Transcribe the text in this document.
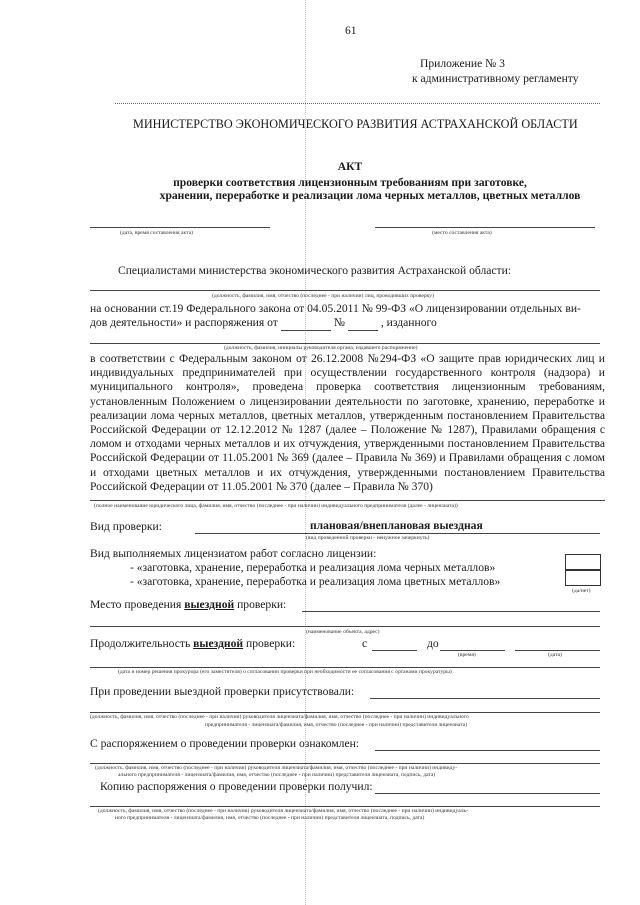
61
Приложение № 3
к административному регламенту
МИНИСТЕРСТВО ЭКОНОМИЧЕСКОГО РАЗВИТИЯ АСТРАХАНСКОЙ ОБЛАСТИ
АКТ
проверки соответствия лицензионным требованиям при заготовке,
хранении, переработке и реализации лома черных металлов, цветных металлов
(дата, время составления акта)	(место составления акта)
Специалистами министерства экономического развития Астраханской области:
(должность, фамилия, имя, отчество (последнее - при наличии) лиц, проводивших проверку)
на основании ст.19 Федерального закона от 04.05.2011 № 99-ФЗ «О лицензировании отдельных ви-
дов деятельности» и распоряжения от	№	, изданного
(должность, фамилия, инициалы руководителя органа, издавшего распоряжение)
в соответствии с Федеральным законом от 26.12.2008 №294-ФЗ «О защите прав юридических лиц и индивидуальных предпринимателей при осуществлении государственного контроля (надзора) и муниципального контроля», проведена проверка соответствия лицензионным требованиям, установленным Положением о лицензировании деятельности по заготовке, хранению, переработке и реализации лома черных металлов, цветных металлов, утвержденным постановлением Правительства Российской Федерации от 12.12.2012 № 1287 (далее – Положение № 1287), Правилами обращения с ломом и отходами черных металлов и их отчуждения, утвержденными постановлением Правительства Российской Федерации от 11.05.2001 № 369 (далее – Правила № 369) и Правилами обращения с ломом и отходами цветных металлов и их отчуждения, утвержденными постановлением Правительства Российской Федерации от 11.05.2001 № 370 (далее – Правила № 370)
(полное наименование юридического лица, фамилия, имя, отчество (последнее - при наличии) индивидуального предпринимателя (далее - лицензиата))
Вид проверки:	плановая/внеплановая выездная
(вид проведенной проверки - ненужное зачеркнуть)
Вид выполняемых лицензиатом работ согласно лицензии:
- «заготовка, хранение, переработка и реализация лома черных металлов»
- «заготовка, хранение, переработка и реализация лома цветных металлов»
(да/нет)
Место проведения выездной проверки:
(наименование объекта, адрес)
Продолжительность выездной проверки:	с	до
(время)	(дата)
(дата и номер решения прокурора (его заместителя) о согласовании проверки при необходимости ее согласования с органами прокуратуры)
При проведении выездной проверки присутствовали:
(должность, фамилия, имя, отчество (последнее - при наличии) руководителя лицензиата/фамилия, имя, отчество (последнее - при наличии) индивидуального
предпринимателя - лицензиата/фамилия, имя, отчество (последнее - при наличии) представителя лицензиата)
С распоряжением о проведении проверки ознакомлен:
(должность, фамилия, имя, отчество (последнее - при наличии) руководителя лицензиата/фамилия, имя, отчество (последнее - при наличии) индивиду-
ального предпринимателя - лицензиата/фамилия, имя, отчество (последнее - при наличии) представителя лицензиата, подпись, дата)
Копию распоряжения о проведении проверки получил:
(должность, фамилия, имя, отчество (последнее - при наличии) руководителя лицензиата/фамилия, имя, отчество (последнее - при наличии) индивидуаль-
ного предпринимателя - лицензиата/фамилия, имя, отчество (последнее - при наличии) представителя лицензиата, подпись, дата)
